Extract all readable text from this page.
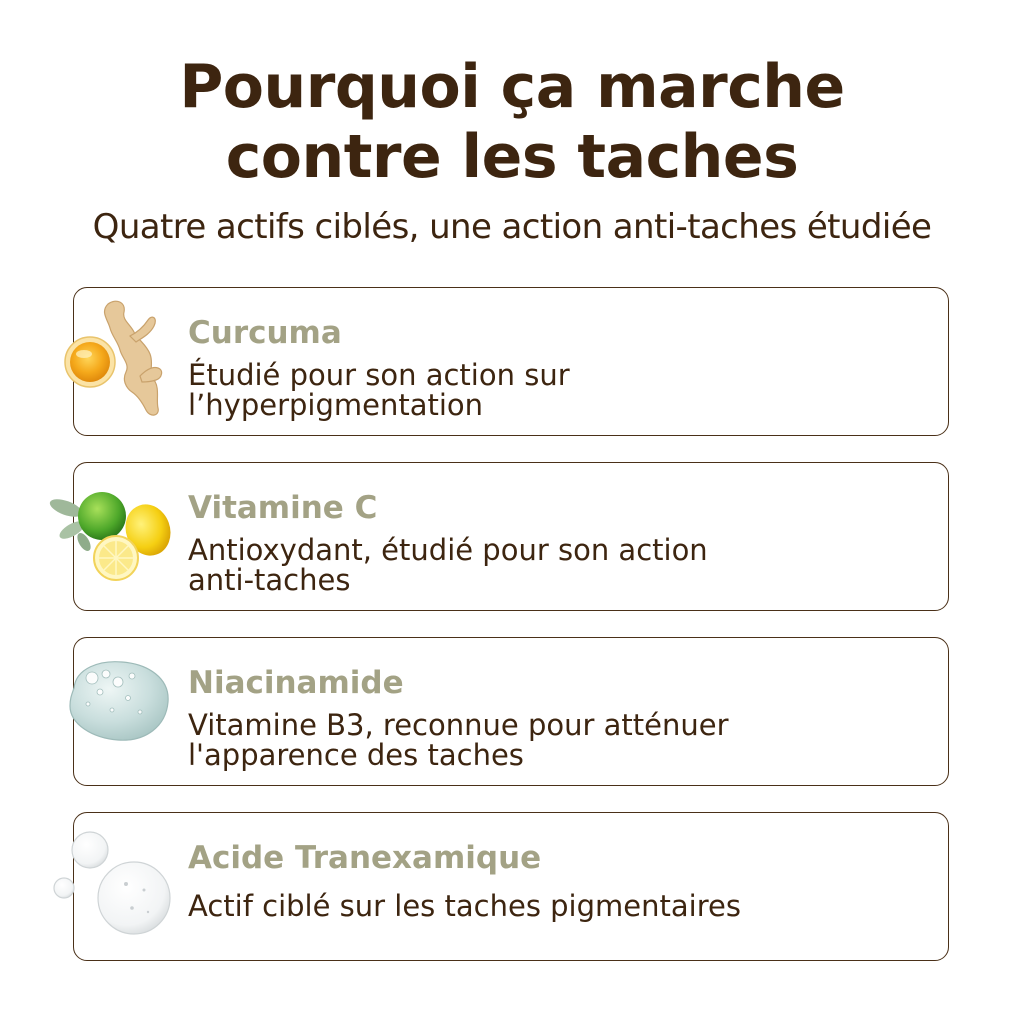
Pourquoi ça marche
contre les taches
Quatre actifs ciblés, une action anti-taches étudiée
Curcuma
Étudié pour son action sur
l’hyperpigmentation
Vitamine C
Antioxydant, étudié pour son action
anti-taches
Niacinamide
Vitamine B3, reconnue pour atténuer
l'apparence des taches
Acide Tranexamique
Actif ciblé sur les taches pigmentaires
